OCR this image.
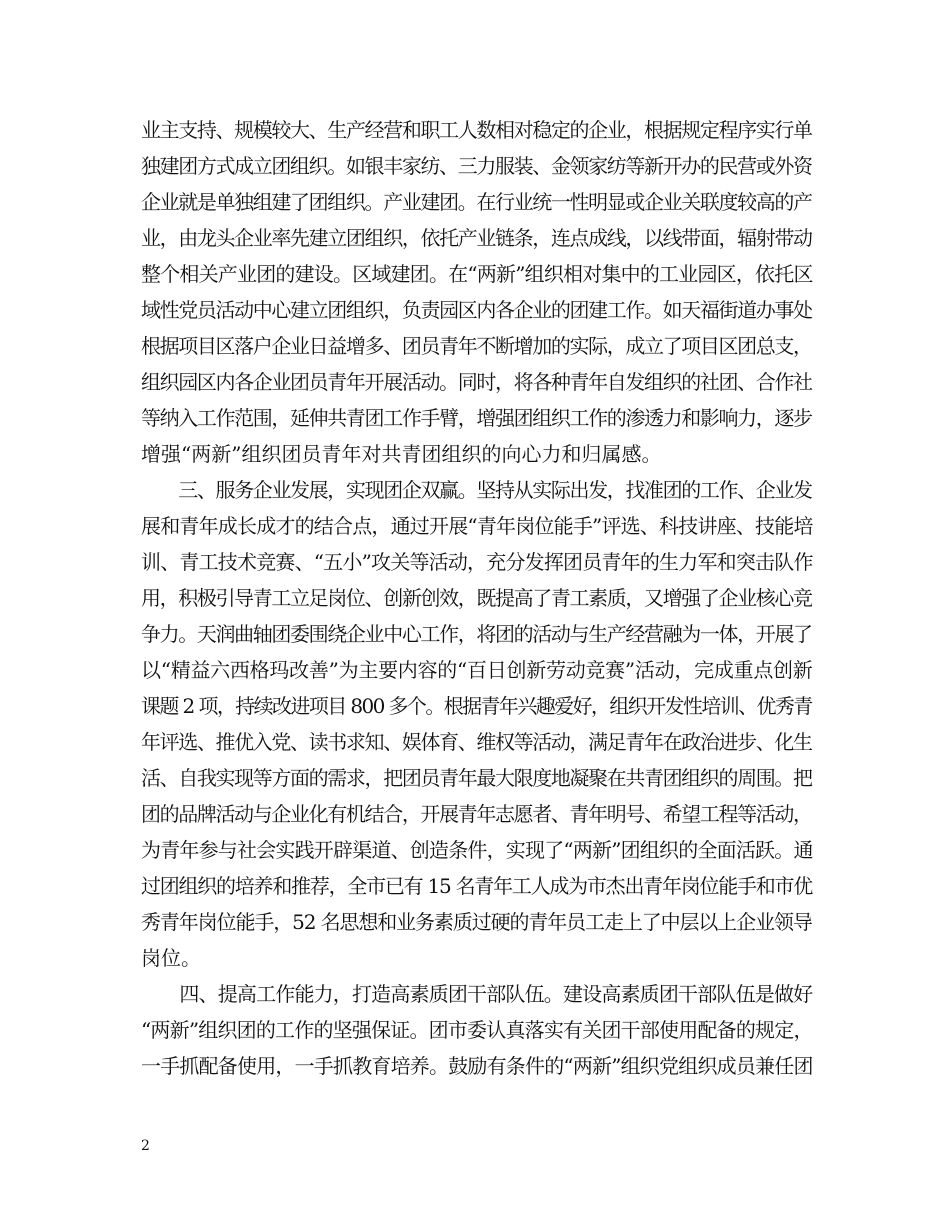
业主支持、规模较大、生产经营和职工人数相对稳定的企业，根据规定程序实行单
独建团方式成立团组织。如银丰家纺、三力服装、金领家纺等新开办的民营或外资
企业就是单独组建了团组织。产业建团。在行业统一性明显或企业关联度较高的产
业，由龙头企业率先建立团组织，依托产业链条，连点成线，以线带面，辐射带动
整个相关产业团的建设。区域建团。在“两新”组织相对集中的工业园区，依托区
域性党员活动中心建立团组织，负责园区内各企业的团建工作。如天福街道办事处
根据项目区落户企业日益增多、团员青年不断增加的实际，成立了项目区团总支，
组织园区内各企业团员青年开展活动。同时，将各种青年自发组织的社团、合作社
等纳入工作范围，延伸共青团工作手臂，增强团组织工作的渗透力和影响力，逐步
增强“两新”组织团员青年对共青团组织的向心力和归属感。
　　三、服务企业发展，实现团企双赢。坚持从实际出发，找准团的工作、企业发
展和青年成长成才的结合点，通过开展“青年岗位能手”评选、科技讲座、技能培
训、青工技术竞赛、“五小”攻关等活动，充分发挥团员青年的生力军和突击队作
用，积极引导青工立足岗位、创新创效，既提高了青工素质，又增强了企业核心竞
争力。天润曲轴团委围绕企业中心工作，将团的活动与生产经营融为一体，开展了
以“精益六西格玛改善”为主要内容的“百日创新劳动竞赛”活动，完成重点创新
课题 2 项，持续改进项目 800 多个。根据青年兴趣爱好，组织开发性培训、优秀青
年评选、推优入党、读书求知、娱体育、维权等活动，满足青年在政治进步、化生
活、自我实现等方面的需求，把团员青年最大限度地凝聚在共青团组织的周围。把
团的品牌活动与企业化有机结合，开展青年志愿者、青年明号、希望工程等活动，
为青年参与社会实践开辟渠道、创造条件，实现了“两新”团组织的全面活跃。通
过团组织的培养和推荐，全市已有 15 名青年工人成为市杰出青年岗位能手和市优
秀青年岗位能手，52 名思想和业务素质过硬的青年员工走上了中层以上企业领导
岗位。
　　四、提高工作能力，打造高素质团干部队伍。建设高素质团干部队伍是做好
“两新”组织团的工作的坚强保证。团市委认真落实有关团干部使用配备的规定，
一手抓配备使用，一手抓教育培养。鼓励有条件的“两新”组织党组织成员兼任团
2
